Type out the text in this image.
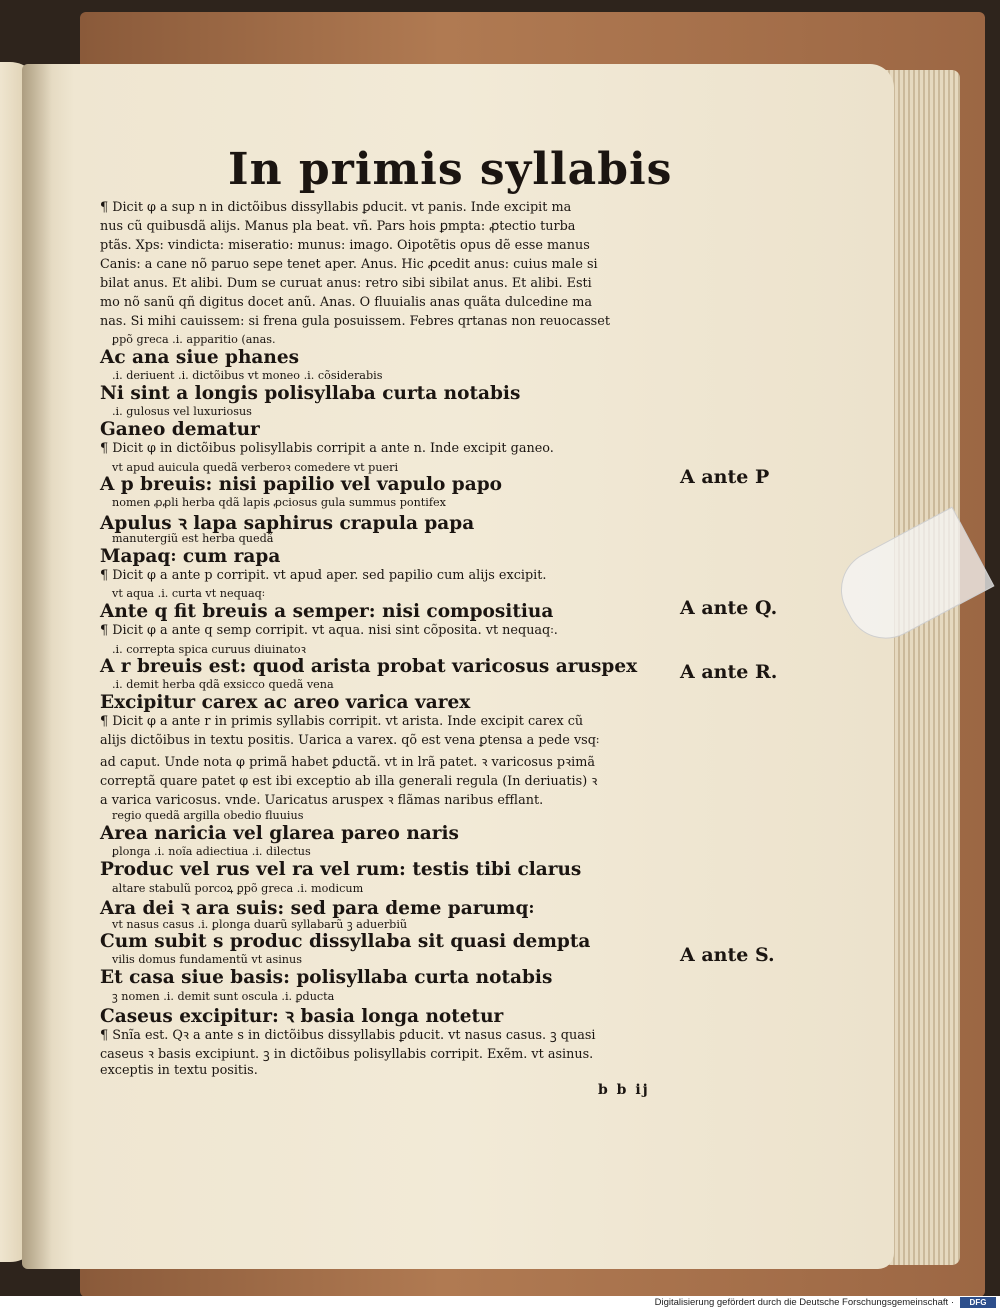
In primis syllabis
¶ Dicit φ a sup n in dictõibus dissyllabis ꝑducit. vt panis. Inde excipit ma
nus cũ quibusdã alijs. Manus pla beat. vñ. Pars hois ꝑmpta: ꝓtectio turba
ptãs. Xps: vindicta: miseratio: munus: imago. Oipotẽtis opus dẽ esse manus
Canis: a cane nõ paruo sepe tenet aper. Anus. Hic ꝓcedit anus: cuius male si
bilat anus. Et alibi. Dum se curuat anus: retro sibi sibilat anus. Et alibi. Esti
mo nõ sanũ qñ digitus docet anũ. Anas. O fluuialis anas quãta dulcedine ma
nas. Si mihi cauissem: si frena gula posuissem. Febres qrtanas non reuocasset
ꝑpõ greca .i. apparitio (anas.
Ac ana siue phanes
.i. deriuent .i. dictõibus vt moneo .i. cõsiderabis
Ni sint a longis polisyllaba curta notabis
.i. gulosus vel luxuriosus
Ganeo dematur
¶ Dicit φ in dictõibus polisyllabis corripit a ante n. Inde excipit ganeo.
vt apud auicula quedã verberoꝛ comedere vt pueri
A p breuis: nisi papilio vel vapulo papo
nomen ꝓꝓli herba qdã lapis ꝓciosus gula summus pontifex
Apulus ꝛ lapa saphirus crapula papa
manutergiũ est herba quedã
Mapaq꞉ cum rapa
¶ Dicit φ a ante p corripit. vt apud aper. sed papilio cum alijs excipit.
vt aqua .i. curta vt nequaq꞉
Ante q fit breuis a semper: nisi compositiua
¶ Dicit φ a ante q semp corripit. vt aqua. nisi sint cõposita. vt nequaq꞉.
.i. correpta spica curuus diuinatoꝛ
A r breuis est: quod arista probat varicosus aruspex
.i. demit herba qdã exsicco quedã vena
Excipitur carex ac areo varica varex
¶ Dicit φ a ante r in primis syllabis corripit. vt arista. Inde excipit carex cũ
alijs dictõibus in textu positis. Uarica a varex. qõ est vena ꝑtensa a pede vsq꞉
ad caput. Unde nota φ primã habet ꝑductã. vt in lrã patet. ꝛ varicosus pꝛimã
correptã quare patet φ est ibi exceptio ab illa generali regula (In deriuatis) ꝛ
a varica varicosus. vnde. Uaricatus aruspex ꝛ flãmas naribus efflant.
regio quedã argilla obedio fluuius
Area naricia vel glarea pareo naris
ꝑlonga .i. noĩa adiectiua .i. dilectus
Produc vel rus vel ra vel rum: testis tibi clarus
altare stabulũ porcoꝝ ꝑpõ greca .i. modicum
Ara dei ꝛ ara suis: sed para deme parumq꞉
vt nasus casus .i. ꝑlonga duarũ syllabarũ ꝫ aduerbiũ
Cum subit s produc dissyllaba sit quasi dempta
vilis domus fundamentũ vt asinus
Et casa siue basis: polisyllaba curta notabis
ꝫ nomen .i. demit sunt oscula .i. ꝑducta
Caseus excipitur: ꝛ basia longa notetur
¶ Snĩa est. Qꝛ a ante s in dictõibus dissyllabis ꝑducit. vt nasus casus. ꝫ quasi
caseus ꝛ basis excipiunt. ꝫ in dictõibus polisyllabis corripit. Exẽm. vt asinus.
exceptis in textu positis.
A ante P
A ante Q.
A ante R.
A ante S.
b b ij
Digitalisierung gefördert durch die Deutsche Forschungsgemeinschaft ·	DFG
